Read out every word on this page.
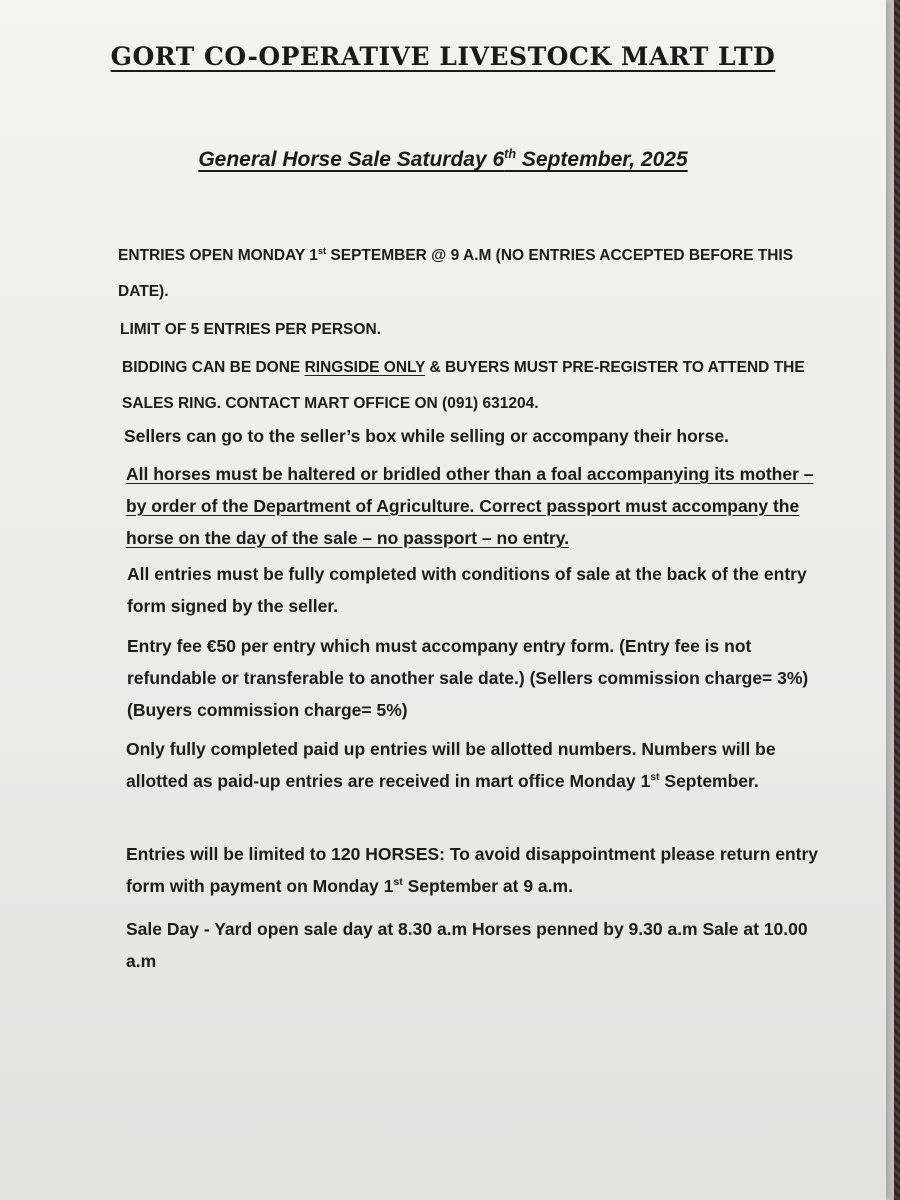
GORT CO-OPERATIVE LIVESTOCK MART LTD
General Horse Sale Saturday 6th September, 2025

ENTRIES OPEN MONDAY 1st SEPTEMBER @ 9 A.M (NO ENTRIES ACCEPTED BEFORE THIS DATE).

LIMIT OF 5 ENTRIES PER PERSON.

BIDDING CAN BE DONE RINGSIDE ONLY & BUYERS MUST PRE-REGISTER TO ATTEND THE SALES RING. CONTACT MART OFFICE ON (091) 631204.

Sellers can go to the seller’s box while selling or accompany their horse.

All horses must be haltered or bridled other than a foal accompanying its mother – by order of the Department of Agriculture. Correct passport must accompany the horse on the day of the sale – no passport – no entry.

All entries must be fully completed with conditions of sale at the back of the entry form signed by the seller.

Entry fee €50 per entry which must accompany entry form. (Entry fee is not refundable or transferable to another sale date.) (Sellers commission charge= 3%) (Buyers commission charge= 5%)

Only fully completed paid up entries will be allotted numbers. Numbers will be allotted as paid-up entries are received in mart office Monday 1st September.

Entries will be limited to 120 HORSES: To avoid disappointment please return entry form with payment on Monday 1st September at 9 a.m.

Sale Day - Yard open sale day at 8.30 a.m Horses penned by 9.30 a.m Sale at 10.00 a.m
